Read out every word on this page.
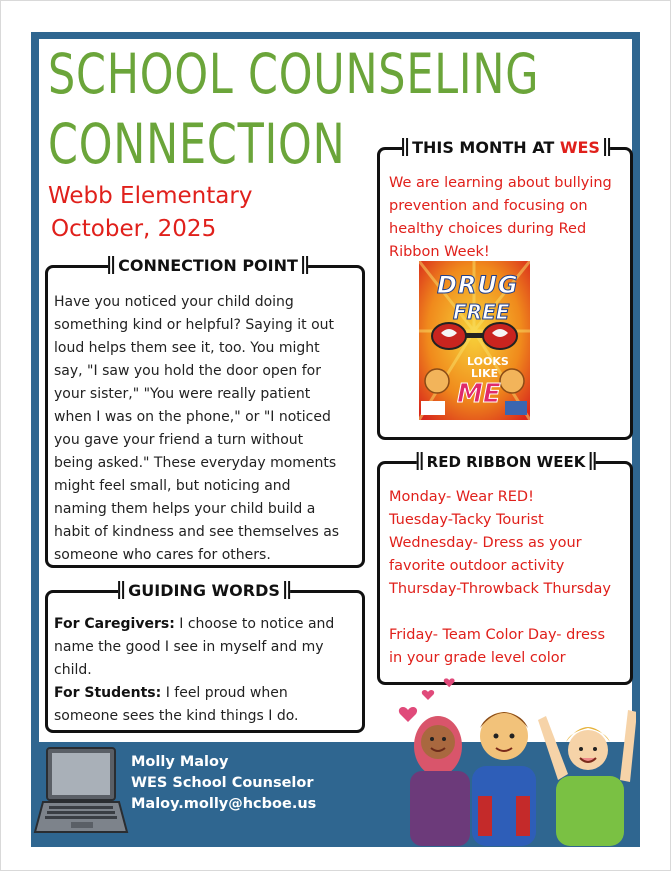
SCHOOL COUNSELING
CONNECTION
Webb Elementary
October, 2025
CONNECTION POINT
Have you noticed your child doing
something kind or helpful? Saying it out
loud helps them see it, too. You might
say, "I saw you hold the door open for
your sister," "You were really patient
when I was on the phone," or "I noticed
you gave your friend a turn without
being asked." These everyday moments
might feel small, but noticing and
naming them helps your child build a
habit of kindness and see themselves as
someone who cares for others.
GUIDING WORDS
For Caregivers: I choose to notice and
name the good I see in myself and my
child.
For Students: I feel proud when
someone sees the kind things I do.
THIS MONTH AT WES
We are learning about bullying
prevention and focusing on
healthy choices during Red
Ribbon Week!
DRUG
FREE
LOOKS
LIKE
ME
RED RIBBON WEEK
Monday- Wear RED!
Tuesday-Tacky Tourist
Wednesday- Dress as your
favorite outdoor activity
Thursday-Throwback Thursday
Friday- Team Color Day- dress
in your grade level color
Molly Maloy
WES School Counselor
Maloy.molly@hcboe.us
